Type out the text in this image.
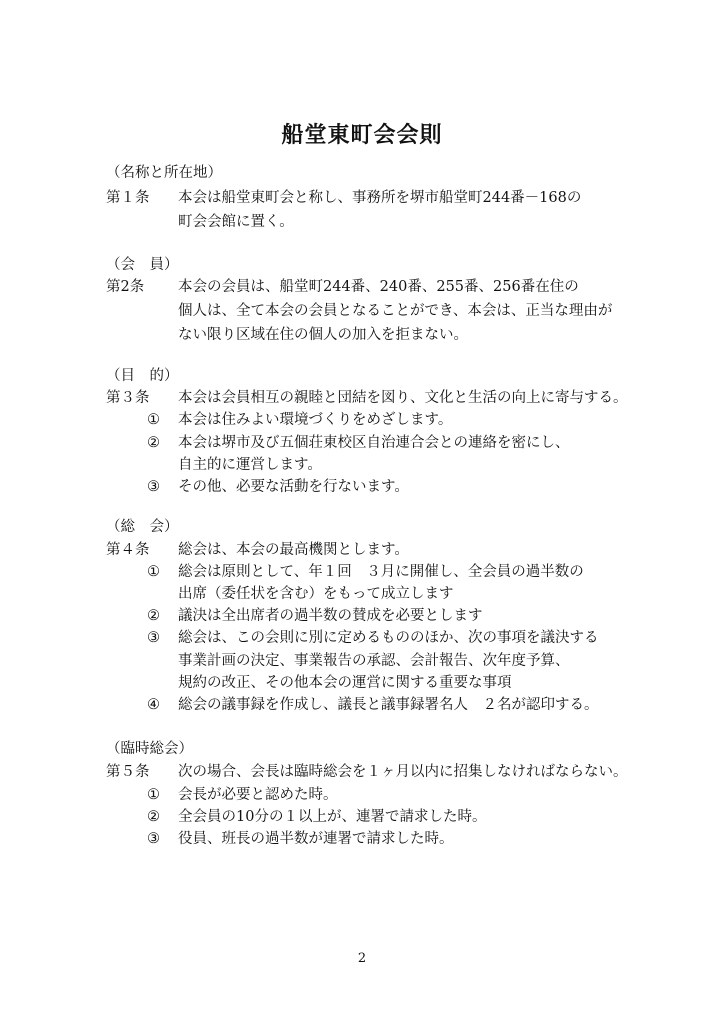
船堂東町会会則
（名称と所在地）
第１条 本会は船堂東町会と称し、事務所を堺市船堂町244番－168の
町会会館に置く。
（会　員）
第2条 本会の会員は、船堂町244番、240番、255番、256番在住の
個人は、全て本会の会員となることができ、本会は、正当な理由が
ない限り区域在住の個人の加入を拒まない。
（目　的）
第３条 本会は会員相互の親睦と団結を図り、文化と生活の向上に寄与する。
① 本会は住みよい環境づくりをめざします。
② 本会は堺市及び五個荘東校区自治連合会との連絡を密にし、
自主的に運営します。
③ その他、必要な活動を行ないます。
（総　会）
第４条 総会は、本会の最高機関とします。
① 総会は原則として、年１回　３月に開催し、全会員の過半数の
出席（委任状を含む）をもって成立します
② 議決は全出席者の過半数の賛成を必要とします
③ 総会は、この会則に別に定めるもののほか、次の事項を議決する
事業計画の決定、事業報告の承認、会計報告、次年度予算、
規約の改正、その他本会の運営に関する重要な事項
④ 総会の議事録を作成し、議長と議事録署名人　２名が認印する。
（臨時総会）
第５条 次の場合、会長は臨時総会を１ヶ月以内に招集しなければならない。
① 会長が必要と認めた時。
② 全会員の10分の１以上が、連署で請求した時。
③ 役員、班長の過半数が連署で請求した時。
2
